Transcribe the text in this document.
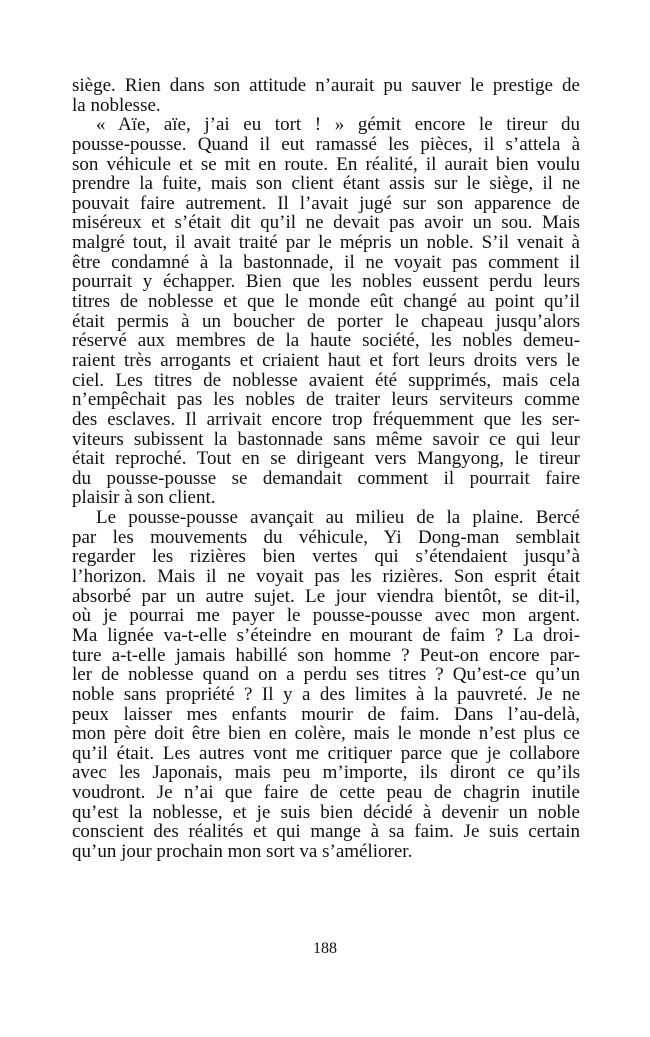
siège. Rien dans son attitude n’aurait pu sauver le prestige de
la noblesse.
« Aïe, aïe, j’ai eu tort ! » gémit encore le tireur du
pousse-pousse. Quand il eut ramassé les pièces, il s’attela à
son véhicule et se mit en route. En réalité, il aurait bien voulu
prendre la fuite, mais son client étant assis sur le siège, il ne
pouvait faire autrement. Il l’avait jugé sur son apparence de
miséreux et s’était dit qu’il ne devait pas avoir un sou. Mais
malgré tout, il avait traité par le mépris un noble. S’il venait à
être condamné à la bastonnade, il ne voyait pas comment il
pourrait y échapper. Bien que les nobles eussent perdu leurs
titres de noblesse et que le monde eût changé au point qu’il
était permis à un boucher de porter le chapeau jusqu’alors
réservé aux membres de la haute société, les nobles demeu-
raient très arrogants et criaient haut et fort leurs droits vers le
ciel. Les titres de noblesse avaient été supprimés, mais cela
n’empêchait pas les nobles de traiter leurs serviteurs comme
des esclaves. Il arrivait encore trop fréquemment que les ser-
viteurs subissent la bastonnade sans même savoir ce qui leur
était reproché. Tout en se dirigeant vers Mangyong, le tireur
du pousse-pousse se demandait comment il pourrait faire
plaisir à son client.
Le pousse-pousse avançait au milieu de la plaine. Bercé
par les mouvements du véhicule, Yi Dong-man semblait
regarder les rizières bien vertes qui s’étendaient jusqu’à
l’horizon. Mais il ne voyait pas les rizières. Son esprit était
absorbé par un autre sujet. Le jour viendra bientôt, se dit-il,
où je pourrai me payer le pousse-pousse avec mon argent.
Ma lignée va-t-elle s’éteindre en mourant de faim ? La droi-
ture a-t-elle jamais habillé son homme ? Peut-on encore par-
ler de noblesse quand on a perdu ses titres ? Qu’est-ce qu’un
noble sans propriété ? Il y a des limites à la pauvreté. Je ne
peux laisser mes enfants mourir de faim. Dans l’au-delà,
mon père doit être bien en colère, mais le monde n’est plus ce
qu’il était. Les autres vont me critiquer parce que je collabore
avec les Japonais, mais peu m’importe, ils diront ce qu’ils
voudront. Je n’ai que faire de cette peau de chagrin inutile
qu’est la noblesse, et je suis bien décidé à devenir un noble
conscient des réalités et qui mange à sa faim. Je suis certain
qu’un jour prochain mon sort va s’améliorer.
188
